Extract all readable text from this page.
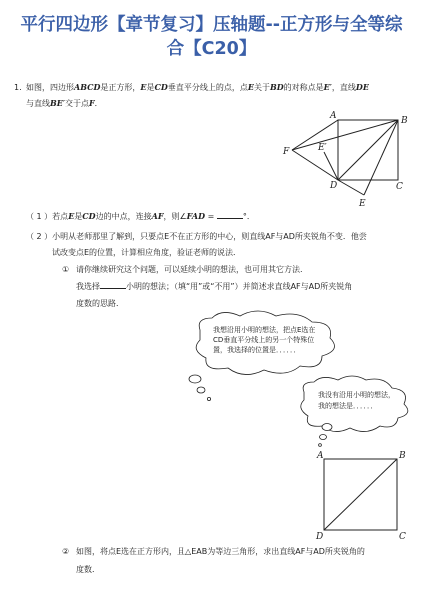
平行四边形【章节复习】压轴题--正方形与全等综
合【C20】
1. 如图，四边形ABCD是正方形，E是CD垂直平分线上的点，点E关于BD的对称点是E′，直线DE
与直线BE′交于点F．
A	B
C
D
E
E′
F
（ 1 ）若点E是CD边的中点，连接AF，则∠FAD =	°．
（ 2 ）小明从老师那里了解到，只要点E不在正方形的中心，则直线AF与AD所夹锐角不变．他尝
试改变点E的位置，计算相应角度，验证老师的说法．
① 请你继续研究这个问题，可以延续小明的想法，也可用其它方法.
我选择	小明的想法；（填“用”或“不用”）并简述求直线AF与AD所夹锐角
度数的思路．
我想沿用小明的想法，把点E选在
CD垂直平分线上的另一个特殊位
置，我选择的位置是．．．．．．
我没有沿用小明的想法，
我的想法是．．．．．．
A	B
C
D
② 如图，将点E选在正方形内，且△EAB为等边三角形，求出直线AF与AD所夹锐角的
度数．
